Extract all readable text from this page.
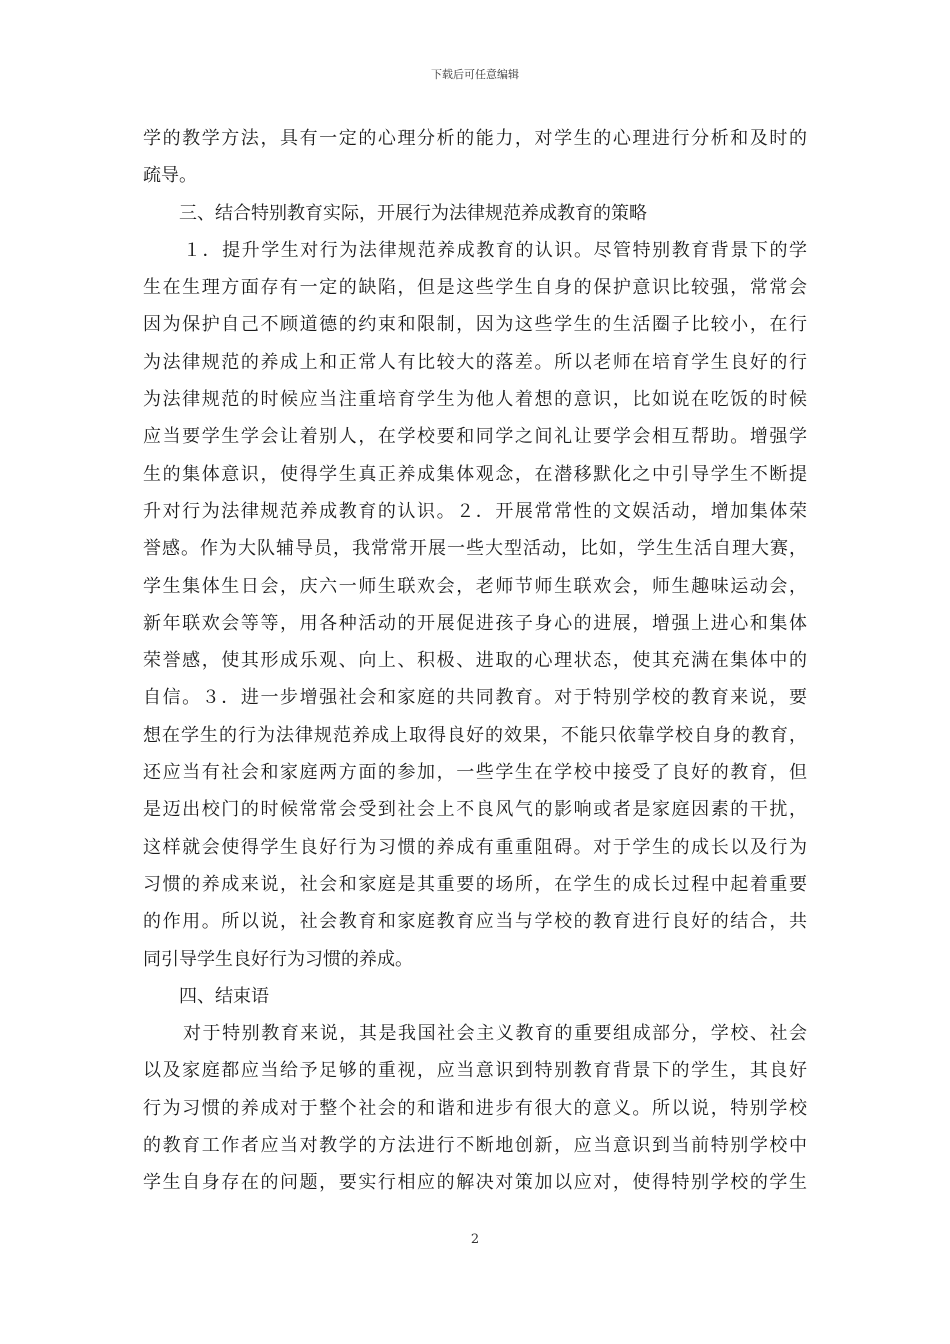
下载后可任意编辑
学的教学方法，具有一定的心理分析的能力，对学生的心理进行分析和及时的
疏导。
三、结合特别教育实际，开展行为法律规范养成教育的策略
１．提升学生对行为法律规范养成教育的认识。尽管特别教育背景下的学
生在生理方面存有一定的缺陷，但是这些学生自身的保护意识比较强，常常会
因为保护自己不顾道德的约束和限制，因为这些学生的生活圈子比较小，在行
为法律规范的养成上和正常人有比较大的落差。所以老师在培育学生良好的行
为法律规范的时候应当注重培育学生为他人着想的意识，比如说在吃饭的时候
应当要学生学会让着别人，在学校要和同学之间礼让要学会相互帮助。增强学
生的集体意识，使得学生真正养成集体观念，在潜移默化之中引导学生不断提
升对行为法律规范养成教育的认识。２．开展常常性的文娱活动，增加集体荣
誉感。作为大队辅导员，我常常开展一些大型活动，比如，学生生活自理大赛，
学生集体生日会，庆六一师生联欢会，老师节师生联欢会，师生趣味运动会，
新年联欢会等等，用各种活动的开展促进孩子身心的进展，增强上进心和集体
荣誉感，使其形成乐观、向上、积极、进取的心理状态，使其充满在集体中的
自信。３．进一步增强社会和家庭的共同教育。对于特别学校的教育来说，要
想在学生的行为法律规范养成上取得良好的效果，不能只依靠学校自身的教育，
还应当有社会和家庭两方面的参加，一些学生在学校中接受了良好的教育，但
是迈出校门的时候常常会受到社会上不良风气的影响或者是家庭因素的干扰，
这样就会使得学生良好行为习惯的养成有重重阻碍。对于学生的成长以及行为
习惯的养成来说，社会和家庭是其重要的场所，在学生的成长过程中起着重要
的作用。所以说，社会教育和家庭教育应当与学校的教育进行良好的结合，共
同引导学生良好行为习惯的养成。
四、结束语
对于特别教育来说，其是我国社会主义教育的重要组成部分，学校、社会
以及家庭都应当给予足够的重视，应当意识到特别教育背景下的学生，其良好
行为习惯的养成对于整个社会的和谐和进步有很大的意义。所以说，特别学校
的教育工作者应当对教学的方法进行不断地创新，应当意识到当前特别学校中
学生自身存在的问题，要实行相应的解决对策加以应对，使得特别学校的学生
2
